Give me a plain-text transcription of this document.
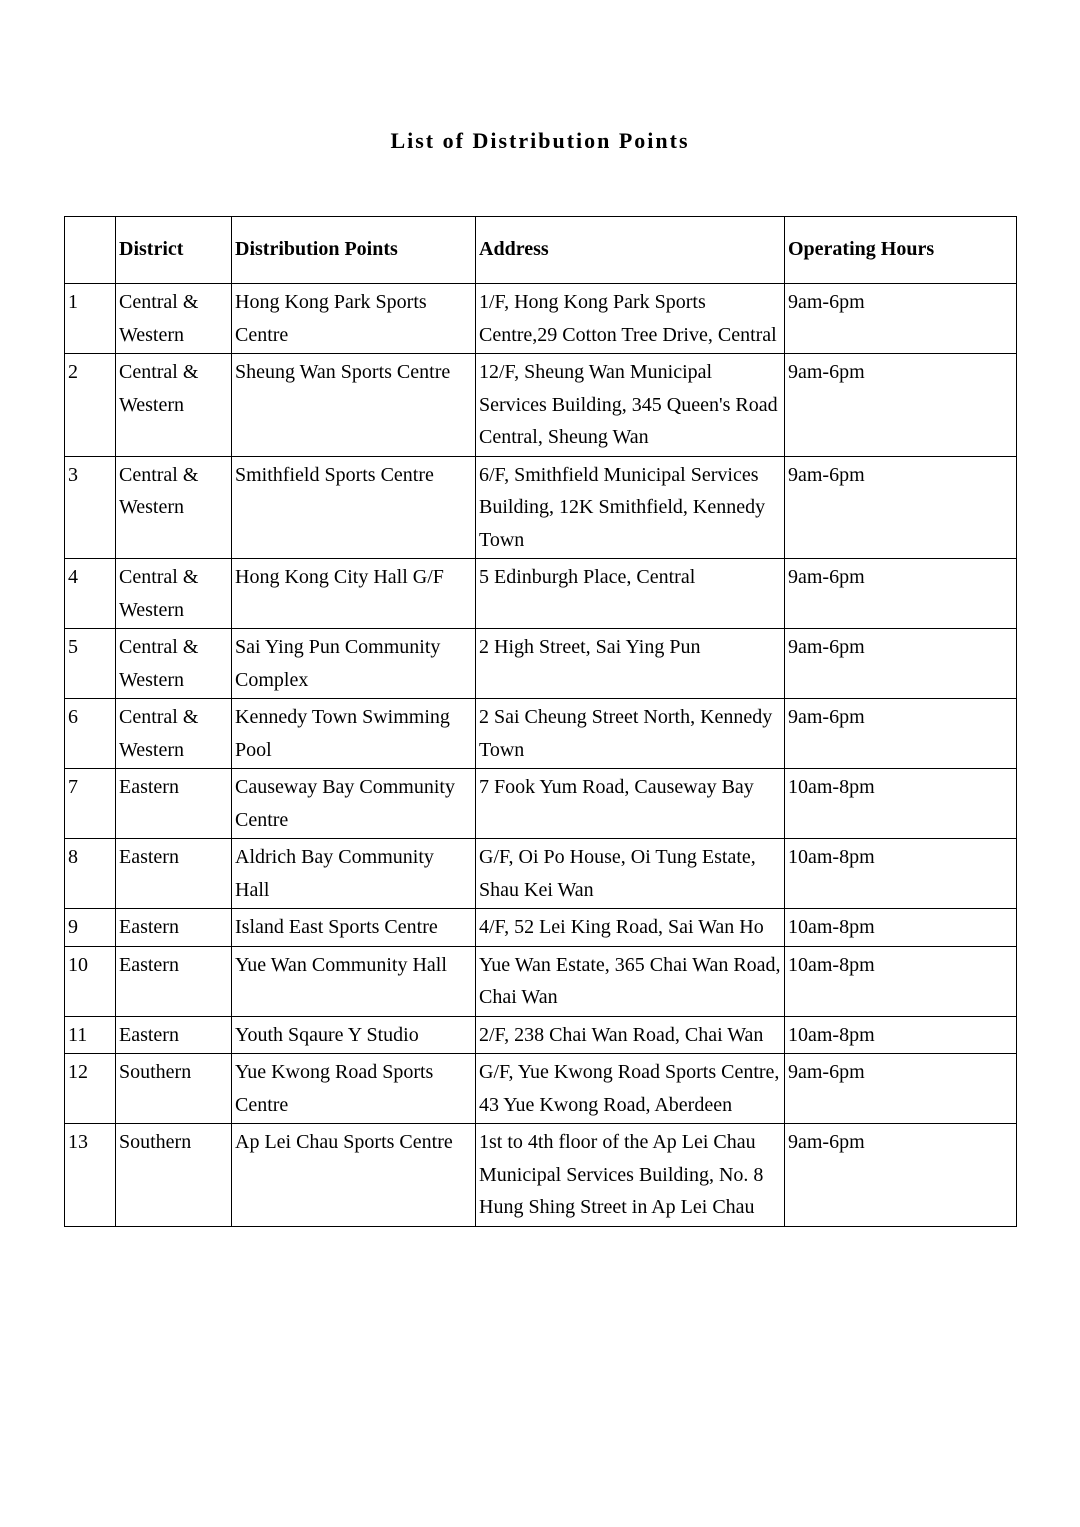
List of Distribution Points
	District	Distribution Points	Address	Operating Hours
1	Central & Western	Hong Kong Park Sports Centre	1/F, Hong Kong Park Sports Centre,29 Cotton Tree Drive, Central	9am-6pm
2	Central & Western	Sheung Wan Sports Centre	12/F, Sheung Wan Municipal Services Building, 345 Queen's Road Central, Sheung Wan	9am-6pm
3	Central & Western	Smithfield Sports Centre	6/F, Smithfield Municipal Services Building, 12K Smithfield, Kennedy Town	9am-6pm
4	Central & Western	Hong Kong City Hall G/F	5 Edinburgh Place, Central	9am-6pm
5	Central & Western	Sai Ying Pun Community Complex	2 High Street, Sai Ying Pun	9am-6pm
6	Central & Western	Kennedy Town Swimming Pool	2 Sai Cheung Street North, Kennedy Town	9am-6pm
7	Eastern	Causeway Bay Community Centre	7 Fook Yum Road, Causeway Bay	10am-8pm
8	Eastern	Aldrich Bay Community Hall	G/F, Oi Po House, Oi Tung Estate, Shau Kei Wan	10am-8pm
9	Eastern	Island East Sports Centre	4/F, 52 Lei King Road, Sai Wan Ho	10am-8pm
10	Eastern	Yue Wan Community Hall	Yue Wan Estate, 365 Chai Wan Road, Chai Wan	10am-8pm
11	Eastern	Youth Sqaure Y Studio	2/F, 238 Chai Wan Road, Chai Wan	10am-8pm
12	Southern	Yue Kwong Road Sports Centre	G/F, Yue Kwong Road Sports Centre, 43 Yue Kwong Road, Aberdeen	9am-6pm
13	Southern	Ap Lei Chau Sports Centre	1st to 4th floor of the Ap Lei Chau Municipal Services Building, No. 8 Hung Shing Street in Ap Lei Chau	9am-6pm
